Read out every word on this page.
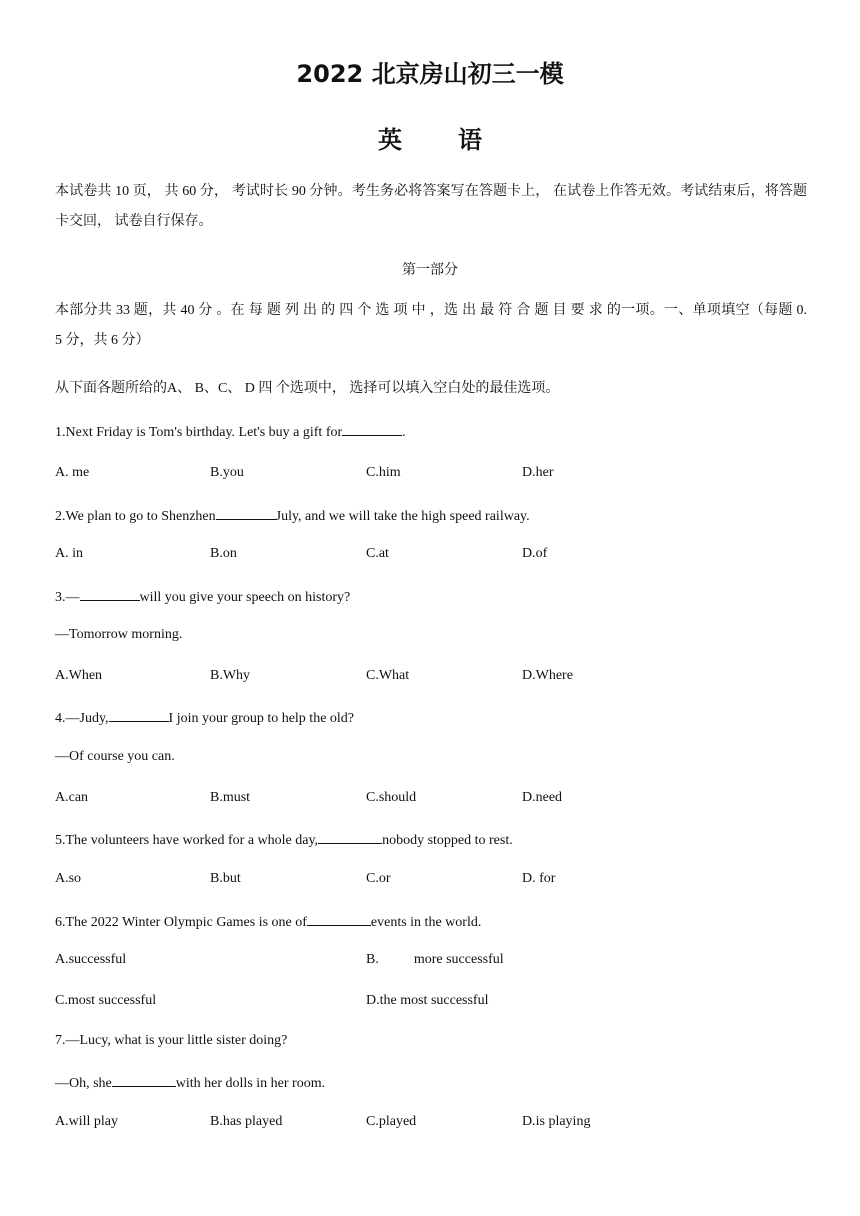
2022 北京房山初三一模
英 语
本试卷共 10 页， 共 60 分， 考试时长 90 分钟。考生务必将答案写在答题卡上， 在试卷上作答无效。考试结束后，将答题卡交回， 试卷自行保存。
第一部分
本部分共 33 题，共 40 分 。在 每 题 列 出 的 四 个 选 项 中 ，选 出 最 符 合 题 目 要 求 的一项。一、单项填空（每题 0.　 5 分，共 6 分）
从下面各题所给的A、 B、C、 D 四 个选项中， 选择可以填入空白处的最佳选项。
1.Next Friday is Tom's birthday. Let's buy a gift for	.
A. me	B.you	C.him	D.her
2.We plan to go to Shenzhen	July, and we will take the high speed railway.
A. in	B.on	C.at	D.of
3.—	will you give your speech on history?
—Tomorrow morning.
A.When	B.Why	C.What	D.Where
4.—Judy,	I join your group to help the old?
—Of course you can.
A.can	B.must	C.should	D.need
5.The volunteers have worked for a whole day,	nobody stopped to rest.
A.so	B.but	C.or	D. for
6.The 2022 Winter Olympic Games is one of	events in the world.
A.successful	B.          more successful
C.most successful	D.the most successful
7.—Lucy, what is your little sister doing?
—Oh, she	with her dolls in her room.
A.will play	B.has played	C.played	D.is playing
